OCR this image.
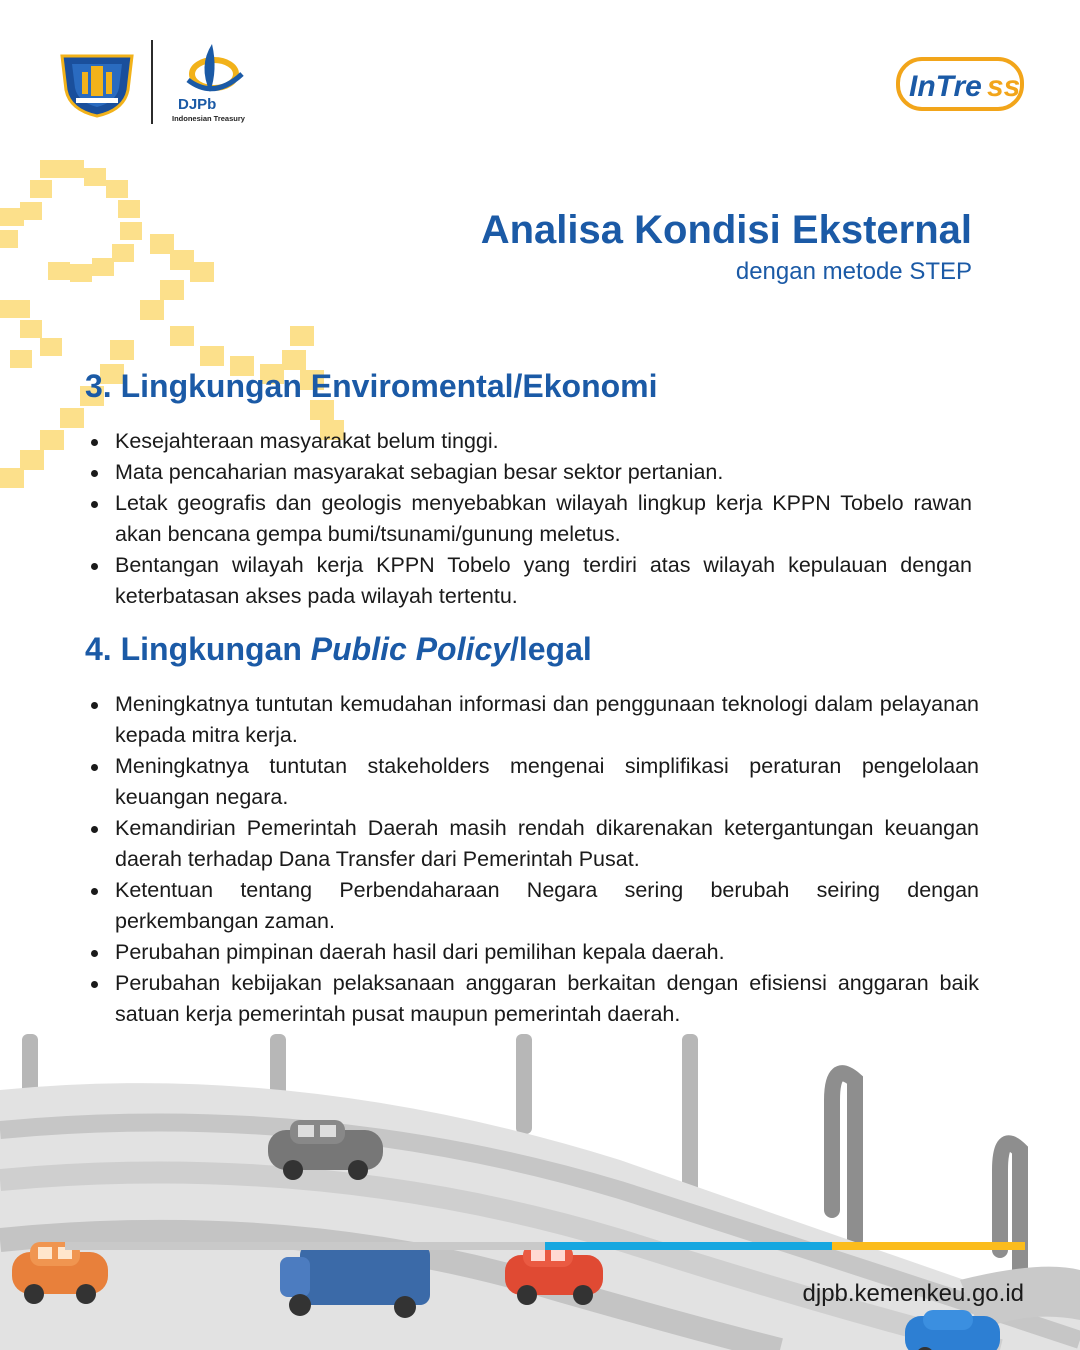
DJPb
Indonesian Treasury
InTre ss
Analisa Kondisi Eksternal
dengan metode STEP
3. Lingkungan Enviromental/Ekonomi
Kesejahteraan masyarakat belum tinggi.
Mata pencaharian masyarakat sebagian besar sektor pertanian.
Letak geografis dan geologis menyebabkan wilayah lingkup kerja KPPN Tobelo rawan akan bencana gempa bumi/tsunami/gunung meletus.
Bentangan wilayah kerja KPPN Tobelo yang terdiri atas wilayah kepulauan dengan keterbatasan akses pada wilayah tertentu.
4. Lingkungan Public Policy/legal
Meningkatnya tuntutan kemudahan informasi dan penggunaan teknologi dalam pelayanan kepada mitra kerja.
Meningkatnya tuntutan stakeholders mengenai simplifikasi peraturan pengelolaan keuangan negara.
Kemandirian Pemerintah Daerah masih rendah dikarenakan ketergantungan keuangan daerah terhadap Dana Transfer dari Pemerintah Pusat.
Ketentuan tentang Perbendaharaan Negara sering berubah seiring dengan perkembangan zaman.
Perubahan pimpinan daerah hasil dari pemilihan kepala daerah.
Perubahan kebijakan pelaksanaan anggaran berkaitan dengan efisiensi anggaran baik satuan kerja pemerintah pusat maupun pemerintah daerah.
djpb.kemenkeu.go.id
